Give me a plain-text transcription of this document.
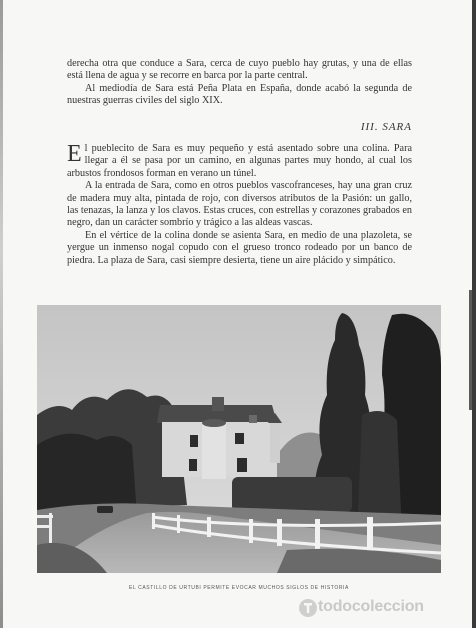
derecha otra que conduce a Sara, cerca de cuyo pueblo hay grutas, y una de ellas está llena de agua y se recorre en barca por la parte central.

Al mediodía de Sara está Peña Plata en España, donde acabó la segunda de nuestras guerras civiles del siglo XIX.

III. SARA

El pueblecito de Sara es muy pequeño y está asentado sobre una colina. Para llegar a él se pasa por un camino, en algunas partes muy hondo, al cual los arbustos frondosos forman en verano un túnel.

A la entrada de Sara, como en otros pueblos vascofranceses, hay una gran cruz de madera muy alta, pintada de rojo, con diversos atributos de la Pasión: un gallo, las tenazas, la lanza y los clavos. Estas cruces, con estrellas y corazones grabados en negro, dan un carácter sombrío y trágico a las aldeas vascas.

En el vértice de la colina donde se asienta Sara, en medio de una plazoleta, se yergue un inmenso nogal copudo con el grueso tronco rodeado por un banco de piedra. La plaza de Sara, casi siempre desierta, tiene un aire plácido y simpático.

EL CASTILLO DE URTUBI PERMITE EVOCAR MUCHOS SIGLOS DE HISTORIA
todocoleccion
